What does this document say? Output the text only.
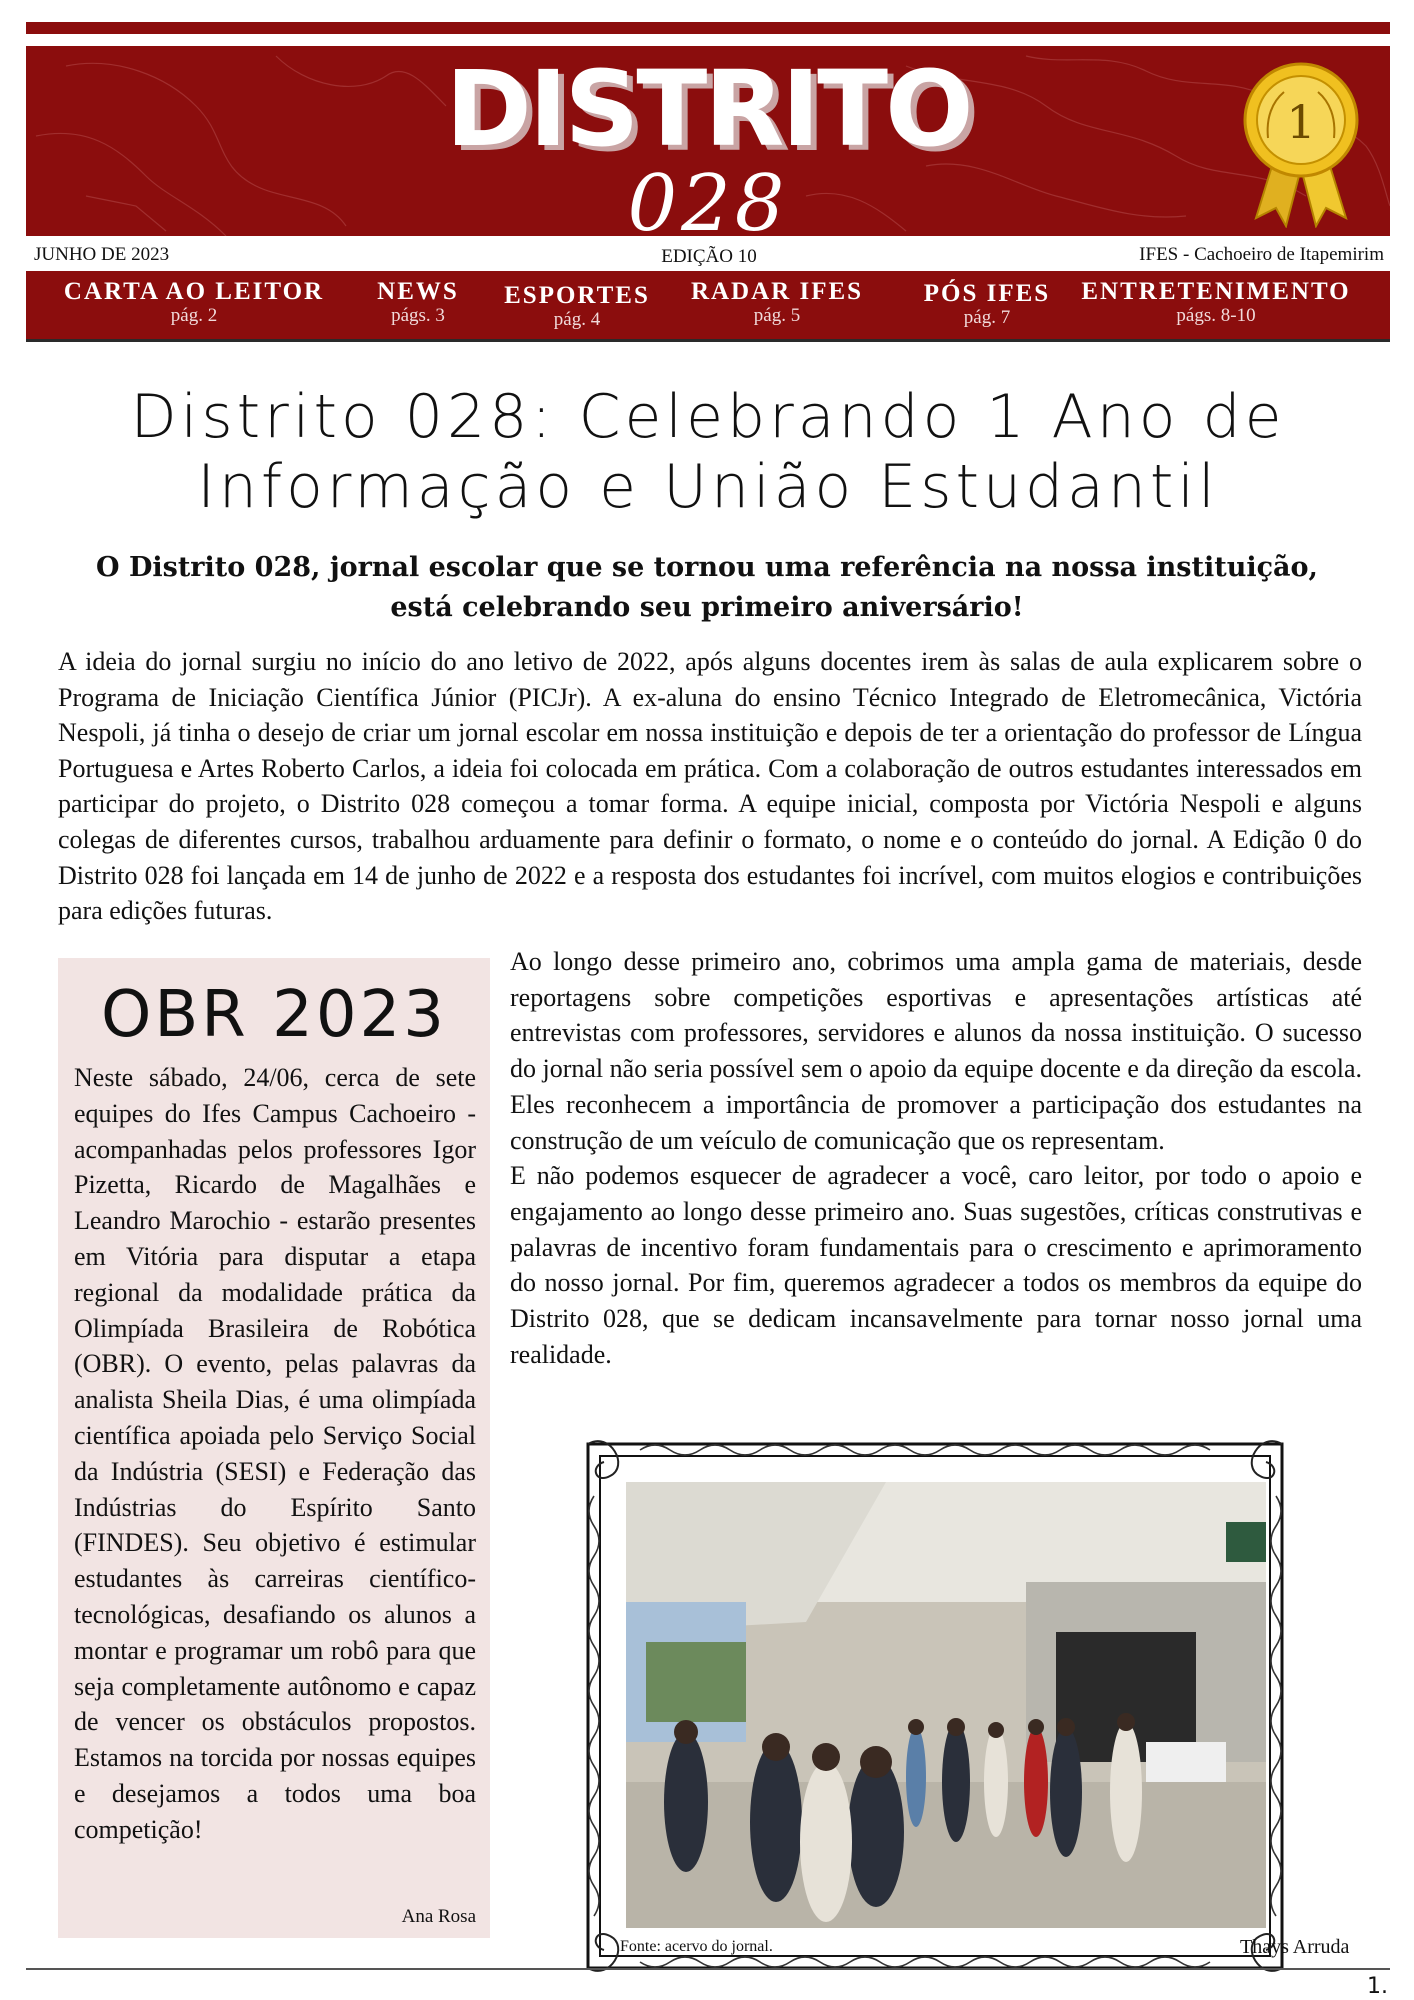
DISTRITO
028
1
JUNHO DE 2023	EDIÇÃO 10	IFES - Cachoeiro de Itapemirim
CARTA AO LEITOR
pág. 2
NEWS
págs. 3
ESPORTES
pág. 4
RADAR IFES
pág. 5
PÓS IFES
pág. 7
ENTRETENIMENTO
págs. 8-10
Distrito 028: Celebrando 1 Ano de
Informação e União Estudantil
O Distrito 028, jornal escolar que se tornou uma referência na nossa instituição,
está celebrando seu primeiro aniversário!

A ideia do jornal surgiu no início do ano letivo de 2022, após alguns docentes irem às salas de aula explicarem sobre o Programa de Iniciação Científica Júnior (PICJr). A ex-aluna do ensino Técnico Integrado de Eletromecânica, Victória Nespoli, já tinha o desejo de criar um jornal escolar em nossa instituição e depois de ter a orientação do professor de Língua Portuguesa e Artes Roberto Carlos, a ideia foi colocada em prática. Com a colaboração de outros estudantes interessados em participar do projeto, o Distrito 028 começou a tomar forma. A equipe inicial, composta por Victória Nespoli e alguns colegas de diferentes cursos, trabalhou arduamente para definir o formato, o nome e o conteúdo do jornal. A Edição 0 do Distrito 028 foi lançada em 14 de junho de 2022 e a resposta dos estudantes foi incrível, com muitos elogios e contribuições para edições futuras.

OBR 2023

Neste sábado, 24/06, cerca de sete equipes do Ifes Campus Cachoeiro - acompanhadas pelos professores Igor Pizetta, Ricardo de Magalhães e Leandro Marochio - estarão presentes em Vitória para disputar a etapa regional da modalidade prática da Olimpíada Brasileira de Robótica (OBR). O evento, pelas palavras da analista Sheila Dias, é uma olimpíada científica apoiada pelo Serviço Social da Indústria (SESI) e Federação das Indústrias do Espírito Santo (FINDES). Seu objetivo é estimular estudantes às carreiras científico-tecnológicas, desafiando os alunos a montar e programar um robô para que seja completamente autônomo e capaz de vencer os obstáculos propostos. Estamos na torcida por nossas equipes e desejamos a todos uma boa competição!

Ana Rosa

Ao longo desse primeiro ano, cobrimos uma ampla gama de materiais, desde reportagens sobre competições esportivas e apresentações artísticas até entrevistas com professores, servidores e alunos da nossa instituição. O sucesso do jornal não seria possível sem o apoio da equipe docente e da direção da escola. Eles reconhecem a importância de promover a participação dos estudantes na construção de um veículo de comunicação que os representam.

E não podemos esquecer de agradecer a você, caro leitor, por todo o apoio e engajamento ao longo desse primeiro ano. Suas sugestões, críticas construtivas e palavras de incentivo foram fundamentais para o crescimento e aprimoramento do nosso jornal. Por fim, queremos agradecer a todos os membros da equipe do Distrito 028, que se dedicam incansavelmente para tornar nosso jornal uma realidade.

Fonte: acervo do jornal.	Thays Arruda
1.
